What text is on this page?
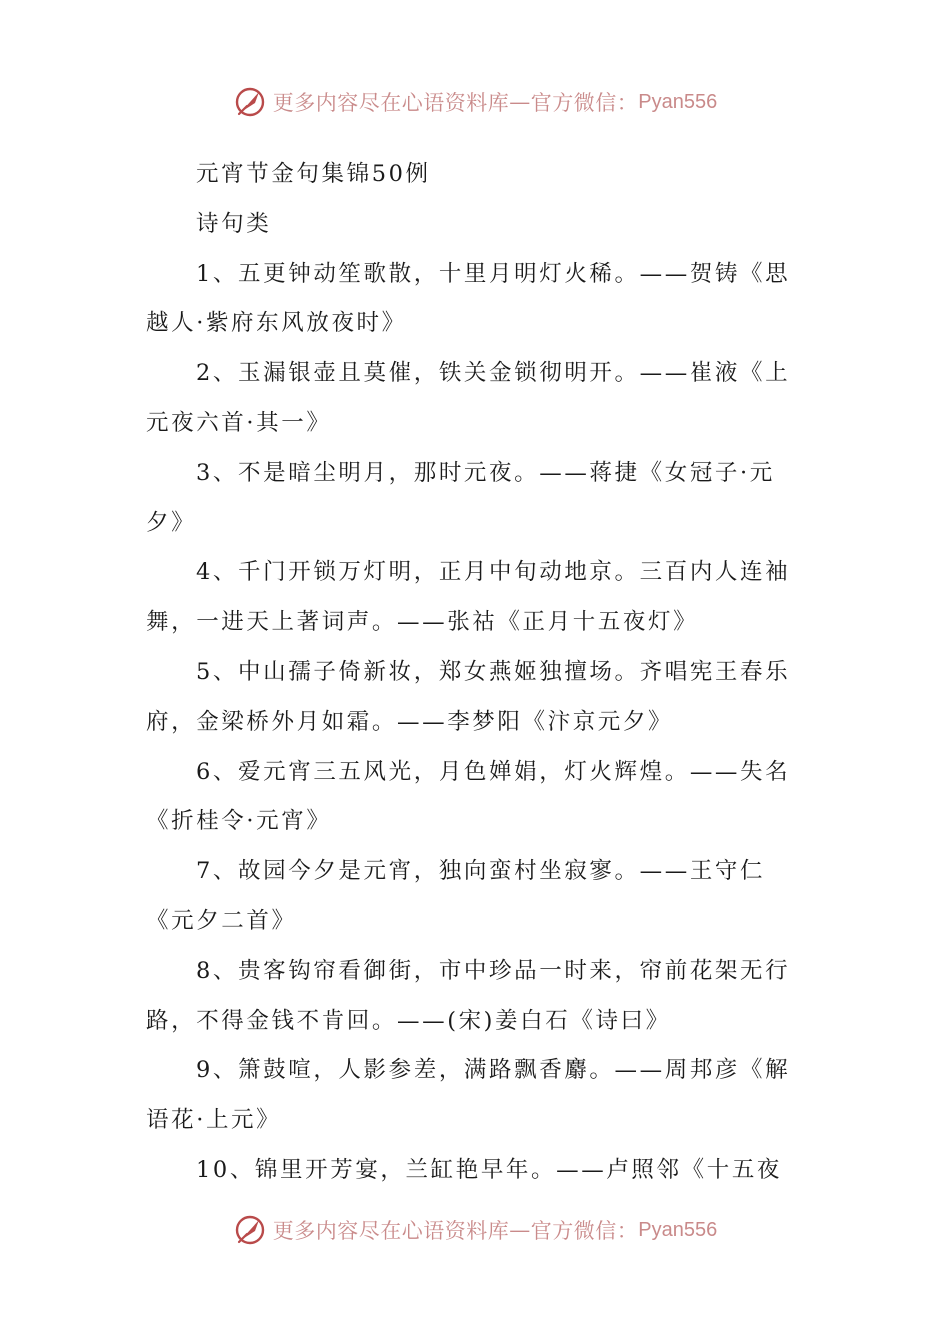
更多内容尽在心语资料库 — 官方微信： Pyan556
元宵节金句集锦50例
诗句类
1、五更钟动笙歌散，十里月明灯火稀。——贺铸《思
越人·紫府东风放夜时》
2、玉漏银壶且莫催，铁关金锁彻明开。——崔液《上
元夜六首·其一》
3、不是暗尘明月，那时元夜。——蒋捷《女冠子·元
夕》
4、千门开锁万灯明，正月中旬动地京。三百内人连袖
舞，一进天上著词声。——张祜《正月十五夜灯》
5、中山孺子倚新妆，郑女燕姬独擅场。齐唱宪王春乐
府，金梁桥外月如霜。——李梦阳《汴京元夕》
6、爱元宵三五风光，月色婵娟，灯火辉煌。——失名
《折桂令·元宵》
7、故园今夕是元宵，独向蛮村坐寂寥。——王守仁
《元夕二首》
8、贵客钩帘看御街，市中珍品一时来，帘前花架无行
路，不得金钱不肯回。——(宋)姜白石《诗曰》
9、箫鼓喧，人影参差，满路飘香麝。——周邦彦《解
语花·上元》
10、锦里开芳宴，兰缸艳早年。——卢照邻《十五夜
更多内容尽在心语资料库 — 官方微信： Pyan556
